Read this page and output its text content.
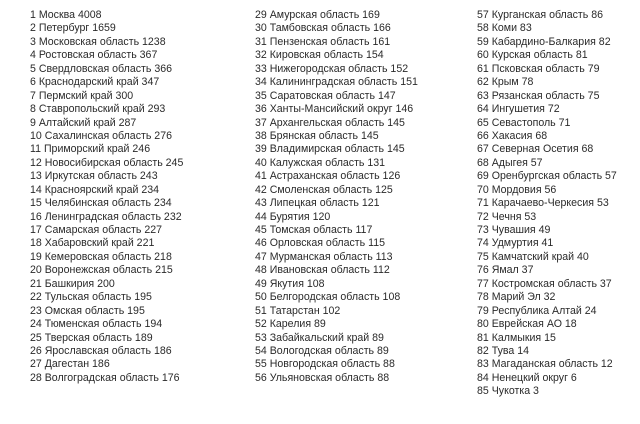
1 Москва 4008
2 Петербург 1659
3 Московская область 1238
4 Ростовская область 367
5 Свердловская область 366
6 Краснодарский край 347
7 Пермский край 300
8 Ставропольский край 293
9 Алтайский край 287
10 Сахалинская область 276
11 Приморский край 246
12 Новосибирская область 245
13 Иркутская область 243
14 Красноярский край 234
15 Челябинская область 234
16 Ленинградская область 232
17 Самарская область 227
18 Хабаровский край 221
19 Кемеровская область 218
20 Воронежская область 215
21 Башкирия 200
22 Тульская область 195
23 Омская область 195
24 Тюменская область 194
25 Тверская область 189
26 Ярославская область 186
27 Дагестан 186
28 Волгоградская область 176
29 Амурская область 169
30 Тамбовская область 166
31 Пензенская область 161
32 Кировская область 154
33 Нижегородская область 152
34 Калининградская область 151
35 Саратовская область 147
36 Ханты-Мансийский округ 146
37 Архангельская область 145
38 Брянская область 145
39 Владимирская область 145
40 Калужская область 131
41 Астраханская область 126
42 Смоленская область 125
43 Липецкая область 121
44 Бурятия 120
45 Томская область 117
46 Орловская область 115
47 Мурманская область 113
48 Ивановская область 112
49 Якутия 108
50 Белгородская область 108
51 Татарстан 102
52 Карелия 89
53 Забайкальский край 89
54 Вологодская область 89
55 Новгородская область 88
56 Ульяновская область 88
57 Курганская область 86
58 Коми 83
59 Кабардино-Балкария 82
60 Курская область 81
61 Псковская область 79
62 Крым 78
63 Рязанская область 75
64 Ингушетия 72
65 Севастополь 71
66 Хакасия 68
67 Северная Осетия 68
68 Адыгея 57
69 Оренбургская область 57
70 Мордовия 56
71 Карачаево-Черкесия 53
72 Чечня 53
73 Чувашия 49
74 Удмуртия 41
75 Камчатский край 40
76 Ямал 37
77 Костромская область 37
78 Марий Эл 32
79 Республика Алтай 24
80 Еврейская АО 18
81 Калмыкия 15
82 Тува 14
83 Магаданская область 12
84 Ненецкий округ 6
85 Чукотка 3
